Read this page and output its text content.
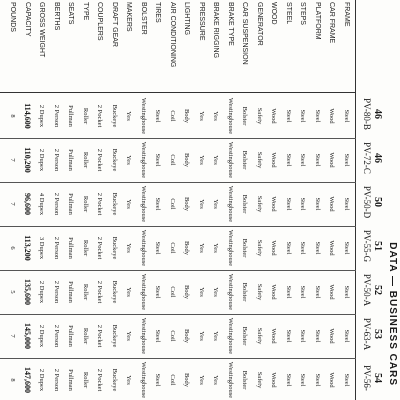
DATA — BUSINESS CARS
46
PV-80-B
46
PV-72-C
50
PV-50-D
51
PV-55-G
52
PV-50-A
53
PV-63-A
54
PV-56-
FRAME
CAR FRAME
PLATFORM
STEPS
STEEL
WOOD
GENERATOR
CAR SUSPENSION
BRAKE TYPE
BRAKE RIGGING
PRESSURE
LIGHTING
AIR CONDITIONING
TIRES
BOLSTER
MAKERS
DRAFT GEAR
COUPLERS
TYPE
SEATS
BERTHS
GROSS WEIGHT
CAPACITY
POUNDS
Steel
Wood
Steel
Steel
Steel
Wood
Safety
Bolster
Westinghouse
Yes
Yes
Body
Coil
Steel
Westinghouse
Yes
Buckeye
2 Pocket
Roller
Pullman
2 Person
2 Dupex
114,600
8
Steel
Wood
Steel
Steel
Steel
Wood
Safety
Bolster
Westinghouse
Yes
Yes
Body
Coil
Steel
Westinghouse
Yes
Buckeye
2 Pocket
Roller
Pullman
2 Person
2 Dupex
110,200
7
Steel
Wood
Steel
Steel
Steel
Wood
Safety
Bolster
Westinghouse
Yes
Yes
Body
Coil
Steel
Westinghouse
Yes
Buckeye
2 Pocket
Roller
Pullman
2 Person
4 Dupex
96,600
7
Steel
Wood
Steel
Steel
Steel
Wood
Safety
Bolster
Westinghouse
Yes
Yes
Body
Coil
Steel
Westinghouse
Yes
Buckeye
2 Pocket
Roller
Pullman
2 Person
3 Dupex
113,200
6
Steel
Wood
Steel
Steel
Steel
Wood
Safety
Bolster
Westinghouse
Yes
Yes
Body
Coil
Steel
Westinghouse
Yes
Buckeye
2 Pocket
Roller
Pullman
2 Person
2 Dupex
135,600
5
Steel
Wood
Steel
Steel
Steel
Wood
Safety
Bolster
Westinghouse
Yes
Yes
Body
Coil
Steel
Westinghouse
Yes
Buckeye
2 Pocket
Roller
Pullman
2 Person
2 Dupex
145,000
7
Steel
Wood
Steel
Steel
Steel
Wood
Safety
Bolster
Westinghouse
Yes
Yes
Body
Coil
Steel
Westinghouse
Yes
Buckeye
2 Pocket
Roller
Pullman
2 Person
2 Dupex
147,600
8
